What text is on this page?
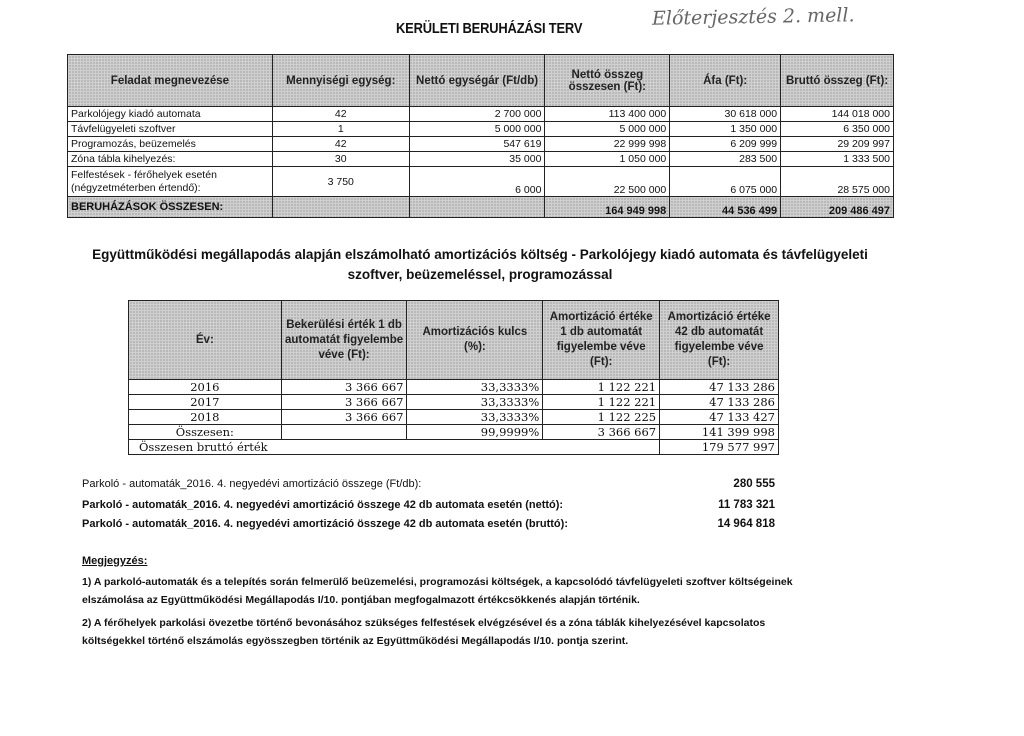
KERÜLETI BERUHÁZÁSI TERV	Előterjesztés 2. mell.
Feladat megnevezése	Mennyiségi egység:	Nettó egységár (Ft/db)	Nettó összeg összesen (Ft):	Áfa (Ft):	Bruttó összeg (Ft):
Parkolójegy kiadó automata	42	2 700 000	113 400 000	30 618 000	144 018 000
Távfelügyeleti szoftver	1	5 000 000	5 000 000	1 350 000	6 350 000
Programozás, beüzemelés	42	547 619	22 999 998	6 209 999	29 209 997
Zóna tábla kihelyezés:	30	35 000	1 050 000	283 500	1 333 500
Felfestések - férőhelyek esetén (négyzetméterben értendő):	3 750	6 000	22 500 000	6 075 000	28 575 000
BERUHÁZÁSOK ÖSSZESEN:			164 949 998	44 536 499	209 486 497
Együttműködési megállapodás alapján elszámolható amortizációs költség - Parkolójegy kiadó automata és távfelügyeleti szoftver, beüzemeléssel, programozással
Év:	Bekerülési érték 1 db automatát figyelembe véve (Ft):	Amortizációs kulcs (%):	Amortizáció értéke 1 db automatát figyelembe véve (Ft):	Amortizáció értéke 42 db automatát figyelembe véve (Ft):
2016	3 366 667	33,3333%	1 122 221	47 133 286
2017	3 366 667	33,3333%	1 122 221	47 133 286
2018	3 366 667	33,3333%	1 122 225	47 133 427
Összesen:		99,9999%	3 366 667	141 399 998
Összesen bruttó érték				179 577 997
Parkoló - automaták_2016. 4. negyedévi amortizáció összege (Ft/db):	280 555
Parkoló - automaták_2016. 4. negyedévi amortizáció összege 42 db automata esetén (nettó):	11 783 321
Parkoló - automaták_2016. 4. negyedévi amortizáció összege 42 db automata esetén (bruttó):	14 964 818
Megjegyzés:
1) A parkoló-automaták és a telepítés során felmerülő beüzemelési, programozási költségek, a kapcsolódó távfelügyeleti szoftver költségeinek elszámolása az Együttműködési Megállapodás I/10. pontjában megfogalmazott értékcsökkenés alapján történik.
2) A férőhelyek parkolási övezetbe történő bevonásához szükséges felfestések elvégzésével és a zóna táblák kihelyezésével kapcsolatos költségekkel történő elszámolás egyösszegben történik az Együttműködési Megállapodás I/10. pontja szerint.
